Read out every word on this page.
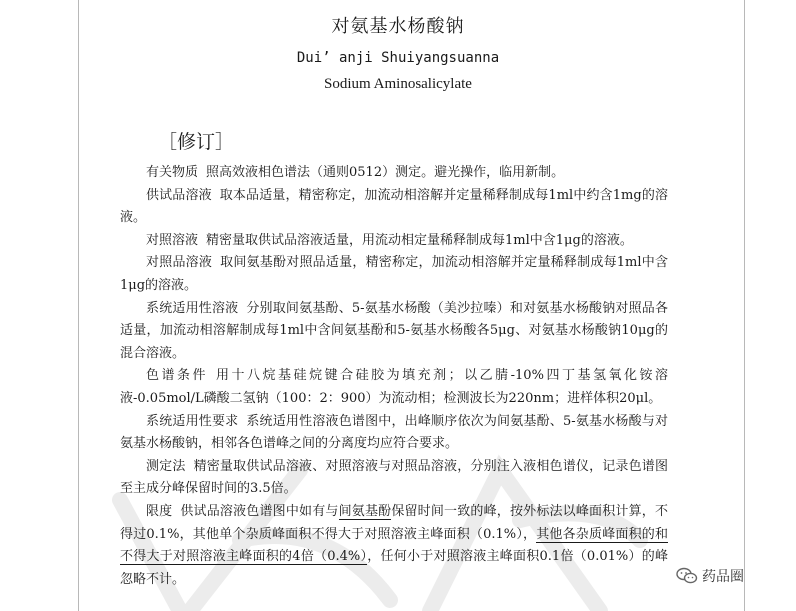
对氨基水杨酸钠
Dui’ anji Shuiyangsuanna
Sodium Aminosalicylate
［修订］

有关物质 照高效液相色谱法（通则0512）测定。避光操作，临用新制。

供试品溶液 取本品适量，精密称定，加流动相溶解并定量稀释制成每1ml中约含1mg的溶液。

对照溶液 精密量取供试品溶液适量，用流动相定量稀释制成每1ml中含1μg的溶液。

对照品溶液 取间氨基酚对照品适量，精密称定，加流动相溶解并定量稀释制成每1ml中含1μg的溶液。

系统适用性溶液 分别取间氨基酚、5-氨基水杨酸（美沙拉嗪）和对氨基水杨酸钠对照品各适量，加流动相溶解制成每1ml中含间氨基酚和5-氨基水杨酸各5μg、对氨基水杨酸钠10μg的混合溶液。

色谱条件 用十八烷基硅烷键合硅胶为填充剂；以乙腈-10%四丁基氢氧化铵溶液-0.05mol/L磷酸二氢钠（100：2：900）为流动相；检测波长为220nm；进样体积20μl。

系统适用性要求 系统适用性溶液色谱图中，出峰顺序依次为间氨基酚、5-氨基水杨酸与对氨基水杨酸钠，相邻各色谱峰之间的分离度均应符合要求。

测定法 精密量取供试品溶液、对照溶液与对照品溶液，分别注入液相色谱仪，记录色谱图至主成分峰保留时间的3.5倍。

限度 供试品溶液色谱图中如有与间氨基酚保留时间一致的峰，按外标法以峰面积计算，不得过0.1%，其他单个杂质峰面积不得大于对照溶液主峰面积（0.1%），其他各杂质峰面积的和不得大于对照溶液主峰面积的4倍（0.4%），任何小于对照溶液主峰面积0.1倍（0.01%）的峰忽略不计。	药品圈
